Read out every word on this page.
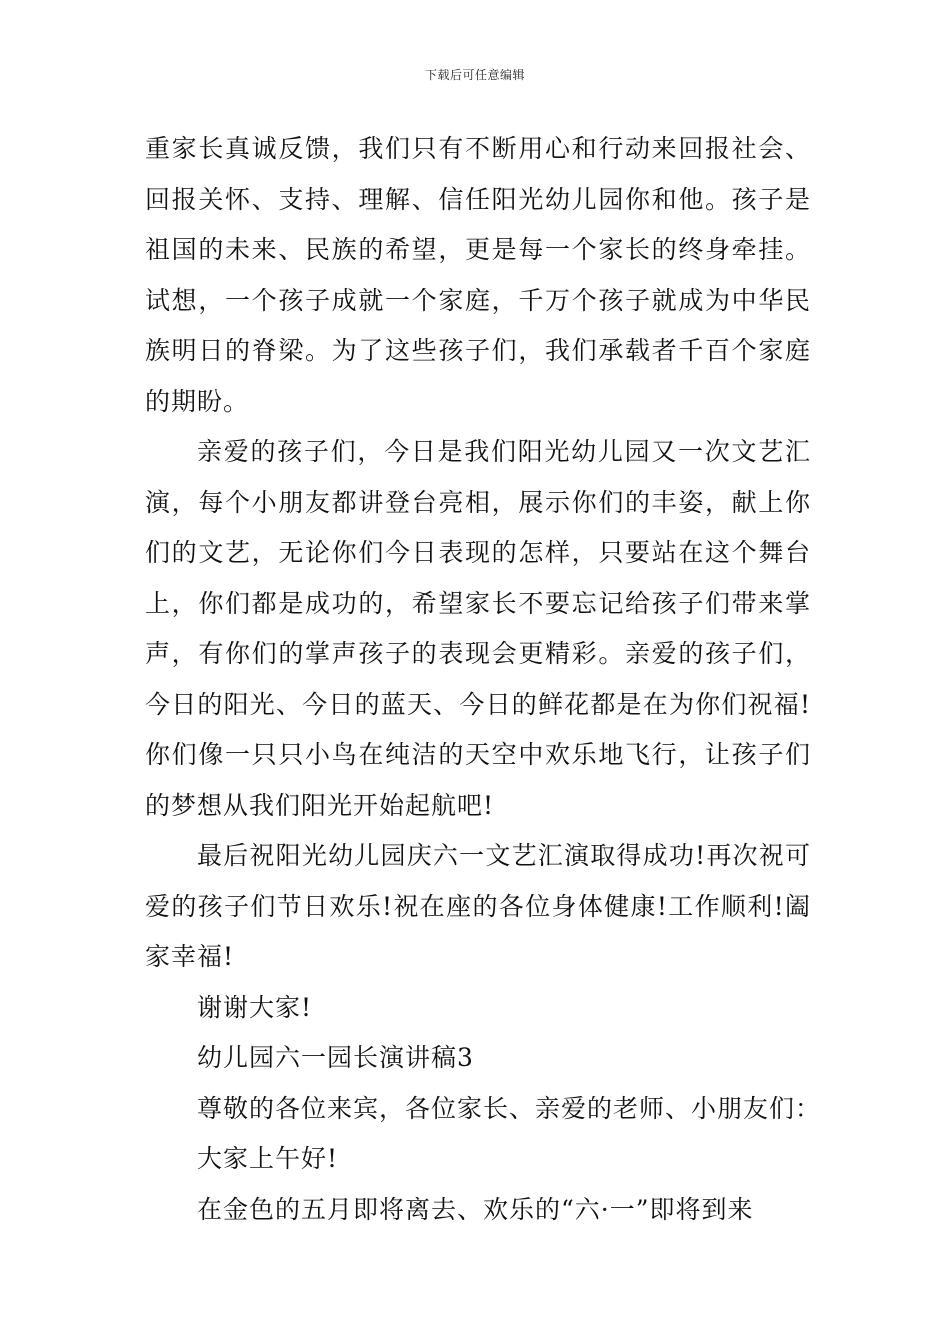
下载后可任意编辑

重家长真诚反馈，我们只有不断用心和行动来回报社会、回报关怀、支持、理解、信任阳光幼儿园你和他。孩子是祖国的未来、民族的希望，更是每一个家长的终身牵挂。试想，一个孩子成就一个家庭，千万个孩子就成为中华民族明日的脊梁。为了这些孩子们，我们承载者千百个家庭的期盼。

亲爱的孩子们，今日是我们阳光幼儿园又一次文艺汇演，每个小朋友都讲登台亮相，展示你们的丰姿，献上你们的文艺，无论你们今日表现的怎样，只要站在这个舞台上，你们都是成功的，希望家长不要忘记给孩子们带来掌声，有你们的掌声孩子的表现会更精彩。亲爱的孩子们，今日的阳光、今日的蓝天、今日的鲜花都是在为你们祝福!你们像一只只小鸟在纯洁的天空中欢乐地飞行，让孩子们的梦想从我们阳光开始起航吧!

最后祝阳光幼儿园庆六一文艺汇演取得成功!再次祝可爱的孩子们节日欢乐!祝在座的各位身体健康!工作顺利!阖家幸福!

谢谢大家!

幼儿园六一园长演讲稿3

尊敬的各位来宾，各位家长、亲爱的老师、小朋友们：

大家上午好!

在金色的五月即将离去、欢乐的“六·一”即将到来
